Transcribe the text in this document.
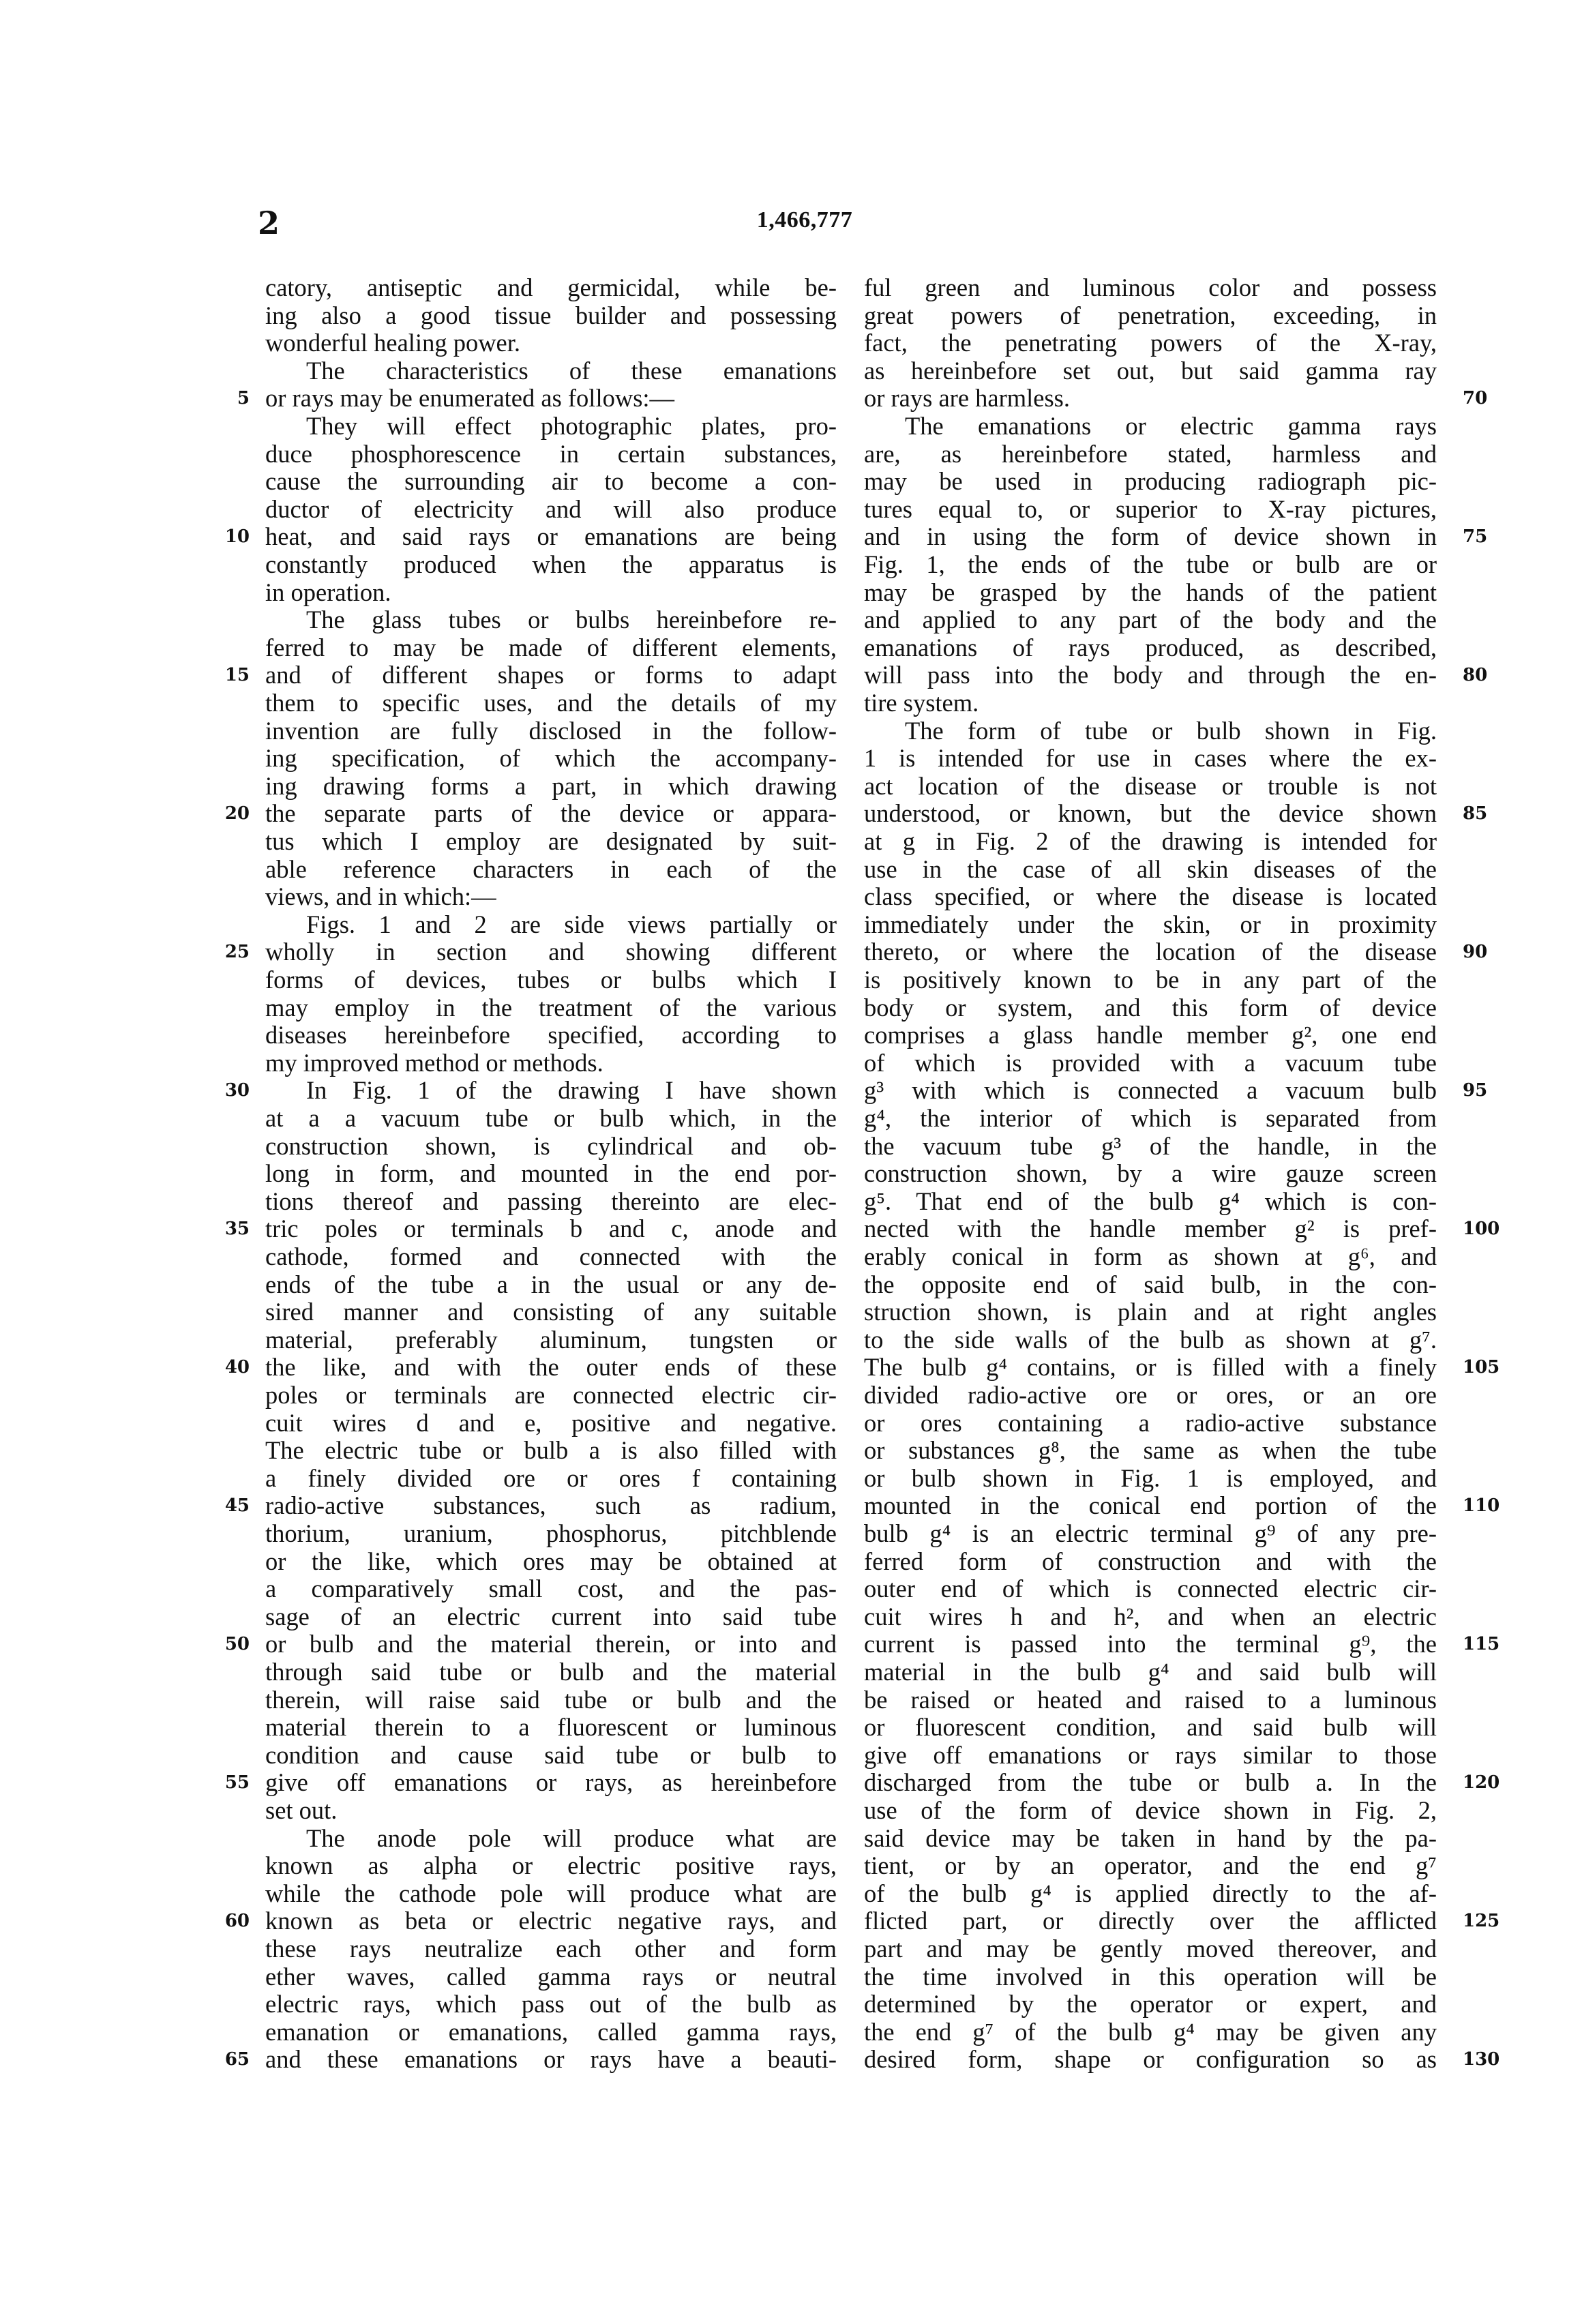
2	1,466,777
catory, antiseptic and germicidal, while be-
ing also a good tissue builder and possessing
wonderful healing power.
The characteristics of these emanations
or rays may be enumerated as follows:—
They will effect photographic plates, pro-
duce phosphorescence in certain substances,
cause the surrounding air to become a con-
ductor of electricity and will also produce
heat, and said rays or emanations are being
constantly produced when the apparatus is
in operation.
The glass tubes or bulbs hereinbefore re-
ferred to may be made of different elements,
and of different shapes or forms to adapt
them to specific uses, and the details of my
invention are fully disclosed in the follow-
ing specification, of which the accompany-
ing drawing forms a part, in which drawing
the separate parts of the device or appara-
tus which I employ are designated by suit-
able reference characters in each of the
views, and in which:—
Figs. 1 and 2 are side views partially or
wholly in section and showing different
forms of devices, tubes or bulbs which I
may employ in the treatment of the various
diseases hereinbefore specified, according to
my improved method or methods.
In Fig. 1 of the drawing I have shown
at a a vacuum tube or bulb which, in the
construction shown, is cylindrical and ob-
long in form, and mounted in the end por-
tions thereof and passing thereinto are elec-
tric poles or terminals b and c, anode and
cathode, formed and connected with the
ends of the tube a in the usual or any de-
sired manner and consisting of any suitable
material, preferably aluminum, tungsten or
the like, and with the outer ends of these
poles or terminals are connected electric cir-
cuit wires d and e, positive and negative.
The electric tube or bulb a is also filled with
a finely divided ore or ores f containing
radio-active substances, such as radium,
thorium, uranium, phosphorus, pitchblende
or the like, which ores may be obtained at
a comparatively small cost, and the pas-
sage of an electric current into said tube
or bulb and the material therein, or into and
through said tube or bulb and the material
therein, will raise said tube or bulb and the
material therein to a fluorescent or luminous
condition and cause said tube or bulb to
give off emanations or rays, as hereinbefore
set out.
The anode pole will produce what are
known as alpha or electric positive rays,
while the cathode pole will produce what are
known as beta or electric negative rays, and
these rays neutralize each other and form
ether waves, called gamma rays or neutral
electric rays, which pass out of the bulb as
emanation or emanations, called gamma rays,
and these emanations or rays have a beauti-
ful green and luminous color and possess
great powers of penetration, exceeding, in
fact, the penetrating powers of the X-ray,
as hereinbefore set out, but said gamma ray
or rays are harmless.
The emanations or electric gamma rays
are, as hereinbefore stated, harmless and
may be used in producing radiograph pic-
tures equal to, or superior to X-ray pictures,
and in using the form of device shown in
Fig. 1, the ends of the tube or bulb are or
may be grasped by the hands of the patient
and applied to any part of the body and the
emanations of rays produced, as described,
will pass into the body and through the en-
tire system.
The form of tube or bulb shown in Fig.
1 is intended for use in cases where the ex-
act location of the disease or trouble is not
understood, or known, but the device shown
at g in Fig. 2 of the drawing is intended for
use in the case of all skin diseases of the
class specified, or where the disease is located
immediately under the skin, or in proximity
thereto, or where the location of the disease
is positively known to be in any part of the
body or system, and this form of device
comprises a glass handle member g², one end
of which is provided with a vacuum tube
g³ with which is connected a vacuum bulb
g⁴, the interior of which is separated from
the vacuum tube g³ of the handle, in the
construction shown, by a wire gauze screen
g⁵. That end of the bulb g⁴ which is con-
nected with the handle member g² is pref-
erably conical in form as shown at g⁶, and
the opposite end of said bulb, in the con-
struction shown, is plain and at right angles
to the side walls of the bulb as shown at g⁷.
The bulb g⁴ contains, or is filled with a finely
divided radio-active ore or ores, or an ore
or ores containing a radio-active substance
or substances g⁸, the same as when the tube
or bulb shown in Fig. 1 is employed, and
mounted in the conical end portion of the
bulb g⁴ is an electric terminal g⁹ of any pre-
ferred form of construction and with the
outer end of which is connected electric cir-
cuit wires h and h², and when an electric
current is passed into the terminal g⁹, the
material in the bulb g⁴ and said bulb will
be raised or heated and raised to a luminous
or fluorescent condition, and said bulb will
give off emanations or rays similar to those
discharged from the tube or bulb a. In the
use of the form of device shown in Fig. 2,
said device may be taken in hand by the pa-
tient, or by an operator, and the end g⁷
of the bulb g⁴ is applied directly to the af-
flicted part, or directly over the afflicted
part and may be gently moved thereover, and
the time involved in this operation will be
determined by the operator or expert, and
the end g⁷ of the bulb g⁴ may be given any
desired form, shape or configuration so as
5
10
15
20
25
30
35
40
45
50
55
60
65
70
75
80
85
90
95
100
105
110
115
120
125
130
